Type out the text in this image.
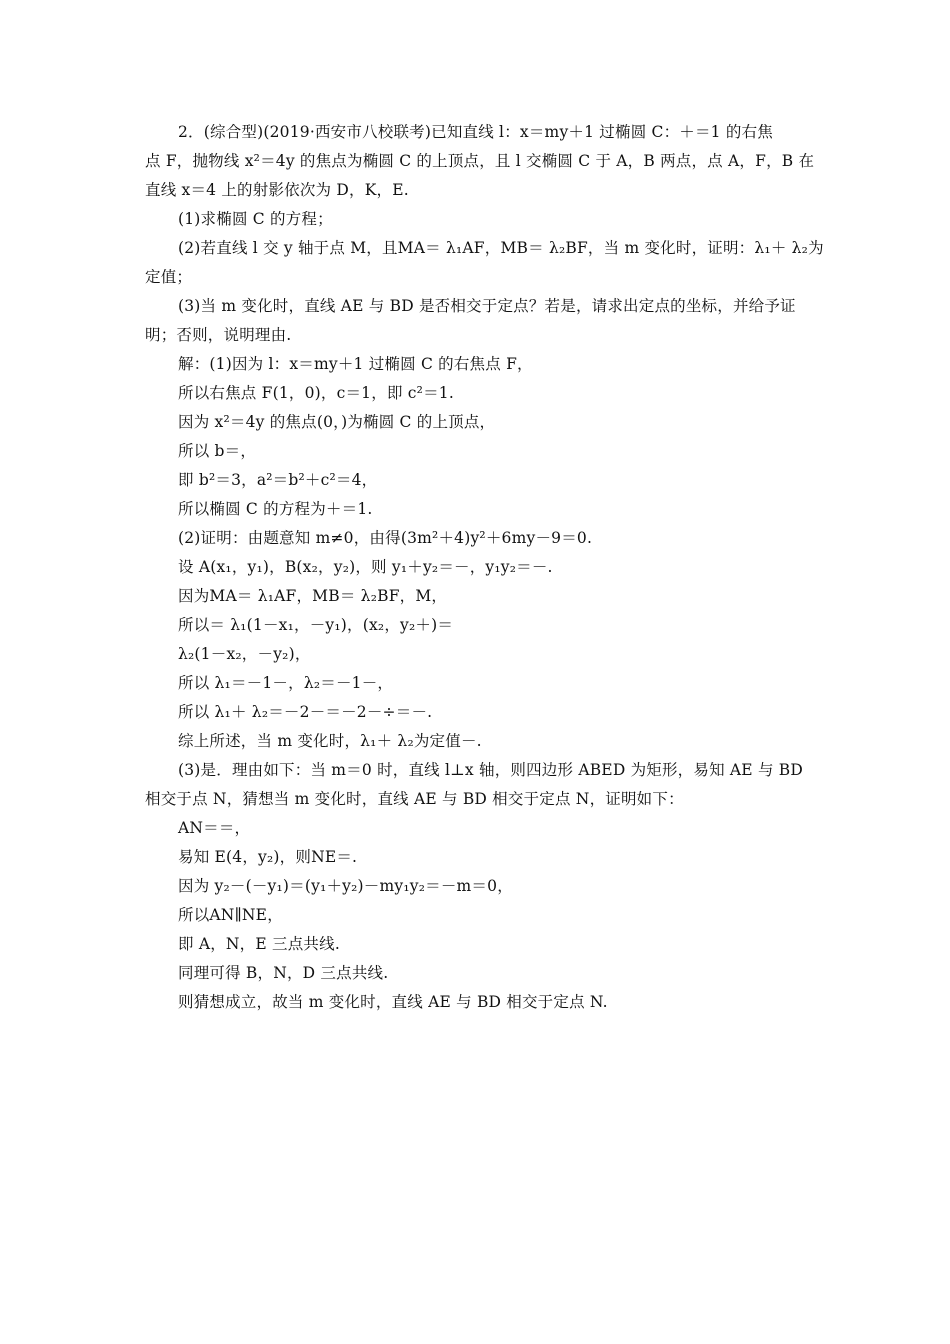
2．(综合型)(2019·西安市八校联考)已知直线 l：x＝my＋1 过椭圆 C：＋＝1 的右焦
点 F，抛物线 x²＝4y 的焦点为椭圆 C 的上顶点，且 l 交椭圆 C 于 A，B 两点，点 A，F，B 在
直线 x＝4 上的射影依次为 D，K，E.
(1)求椭圆 C 的方程；
(2)若直线 l 交 y 轴于点 M，且MA＝ λ₁AF，MB＝ λ₂BF，当 m 变化时，证明：λ₁＋ λ₂为
定值；
(3)当 m 变化时，直线 AE 与 BD 是否相交于定点？若是，请求出定点的坐标，并给予证
明；否则，说明理由.
解：(1)因为 l：x＝my＋1 过椭圆 C 的右焦点 F，
所以右焦点 F(1，0)，c＝1，即 c²＝1.
因为 x²＝4y 的焦点(0，)为椭圆 C 的上顶点，
所以 b＝，
即 b²＝3，a²＝b²＋c²＝4，
所以椭圆 C 的方程为＋＝1.
(2)证明：由题意知 m≠0，由得(3m²＋4)y²＋6my－9＝0.
设 A(x₁，y₁)，B(x₂，y₂)，则 y₁＋y₂＝－，y₁y₂＝－.
因为MA＝ λ₁AF，MB＝ λ₂BF，M，
所以＝ λ₁(1－x₁，－y₁)，(x₂，y₂＋)＝
λ₂(1－x₂，－y₂)，
所以 λ₁＝－1－，λ₂＝－1－，
所以 λ₁＋ λ₂＝－2－＝－2－÷＝－.
综上所述，当 m 变化时，λ₁＋ λ₂为定值－.
(3)是．理由如下：当 m＝0 时，直线 l⊥x 轴，则四边形 ABED 为矩形，易知 AE 与 BD
相交于点 N，猜想当 m 变化时，直线 AE 与 BD 相交于定点 N，证明如下：
AN＝＝，
易知 E(4，y₂)，则NE＝.
因为 y₂－(－y₁)＝(y₁＋y₂)－my₁y₂＝－m＝0，
所以AN∥NE，
即 A，N，E 三点共线.
同理可得 B，N，D 三点共线.
则猜想成立，故当 m 变化时，直线 AE 与 BD 相交于定点 N.
